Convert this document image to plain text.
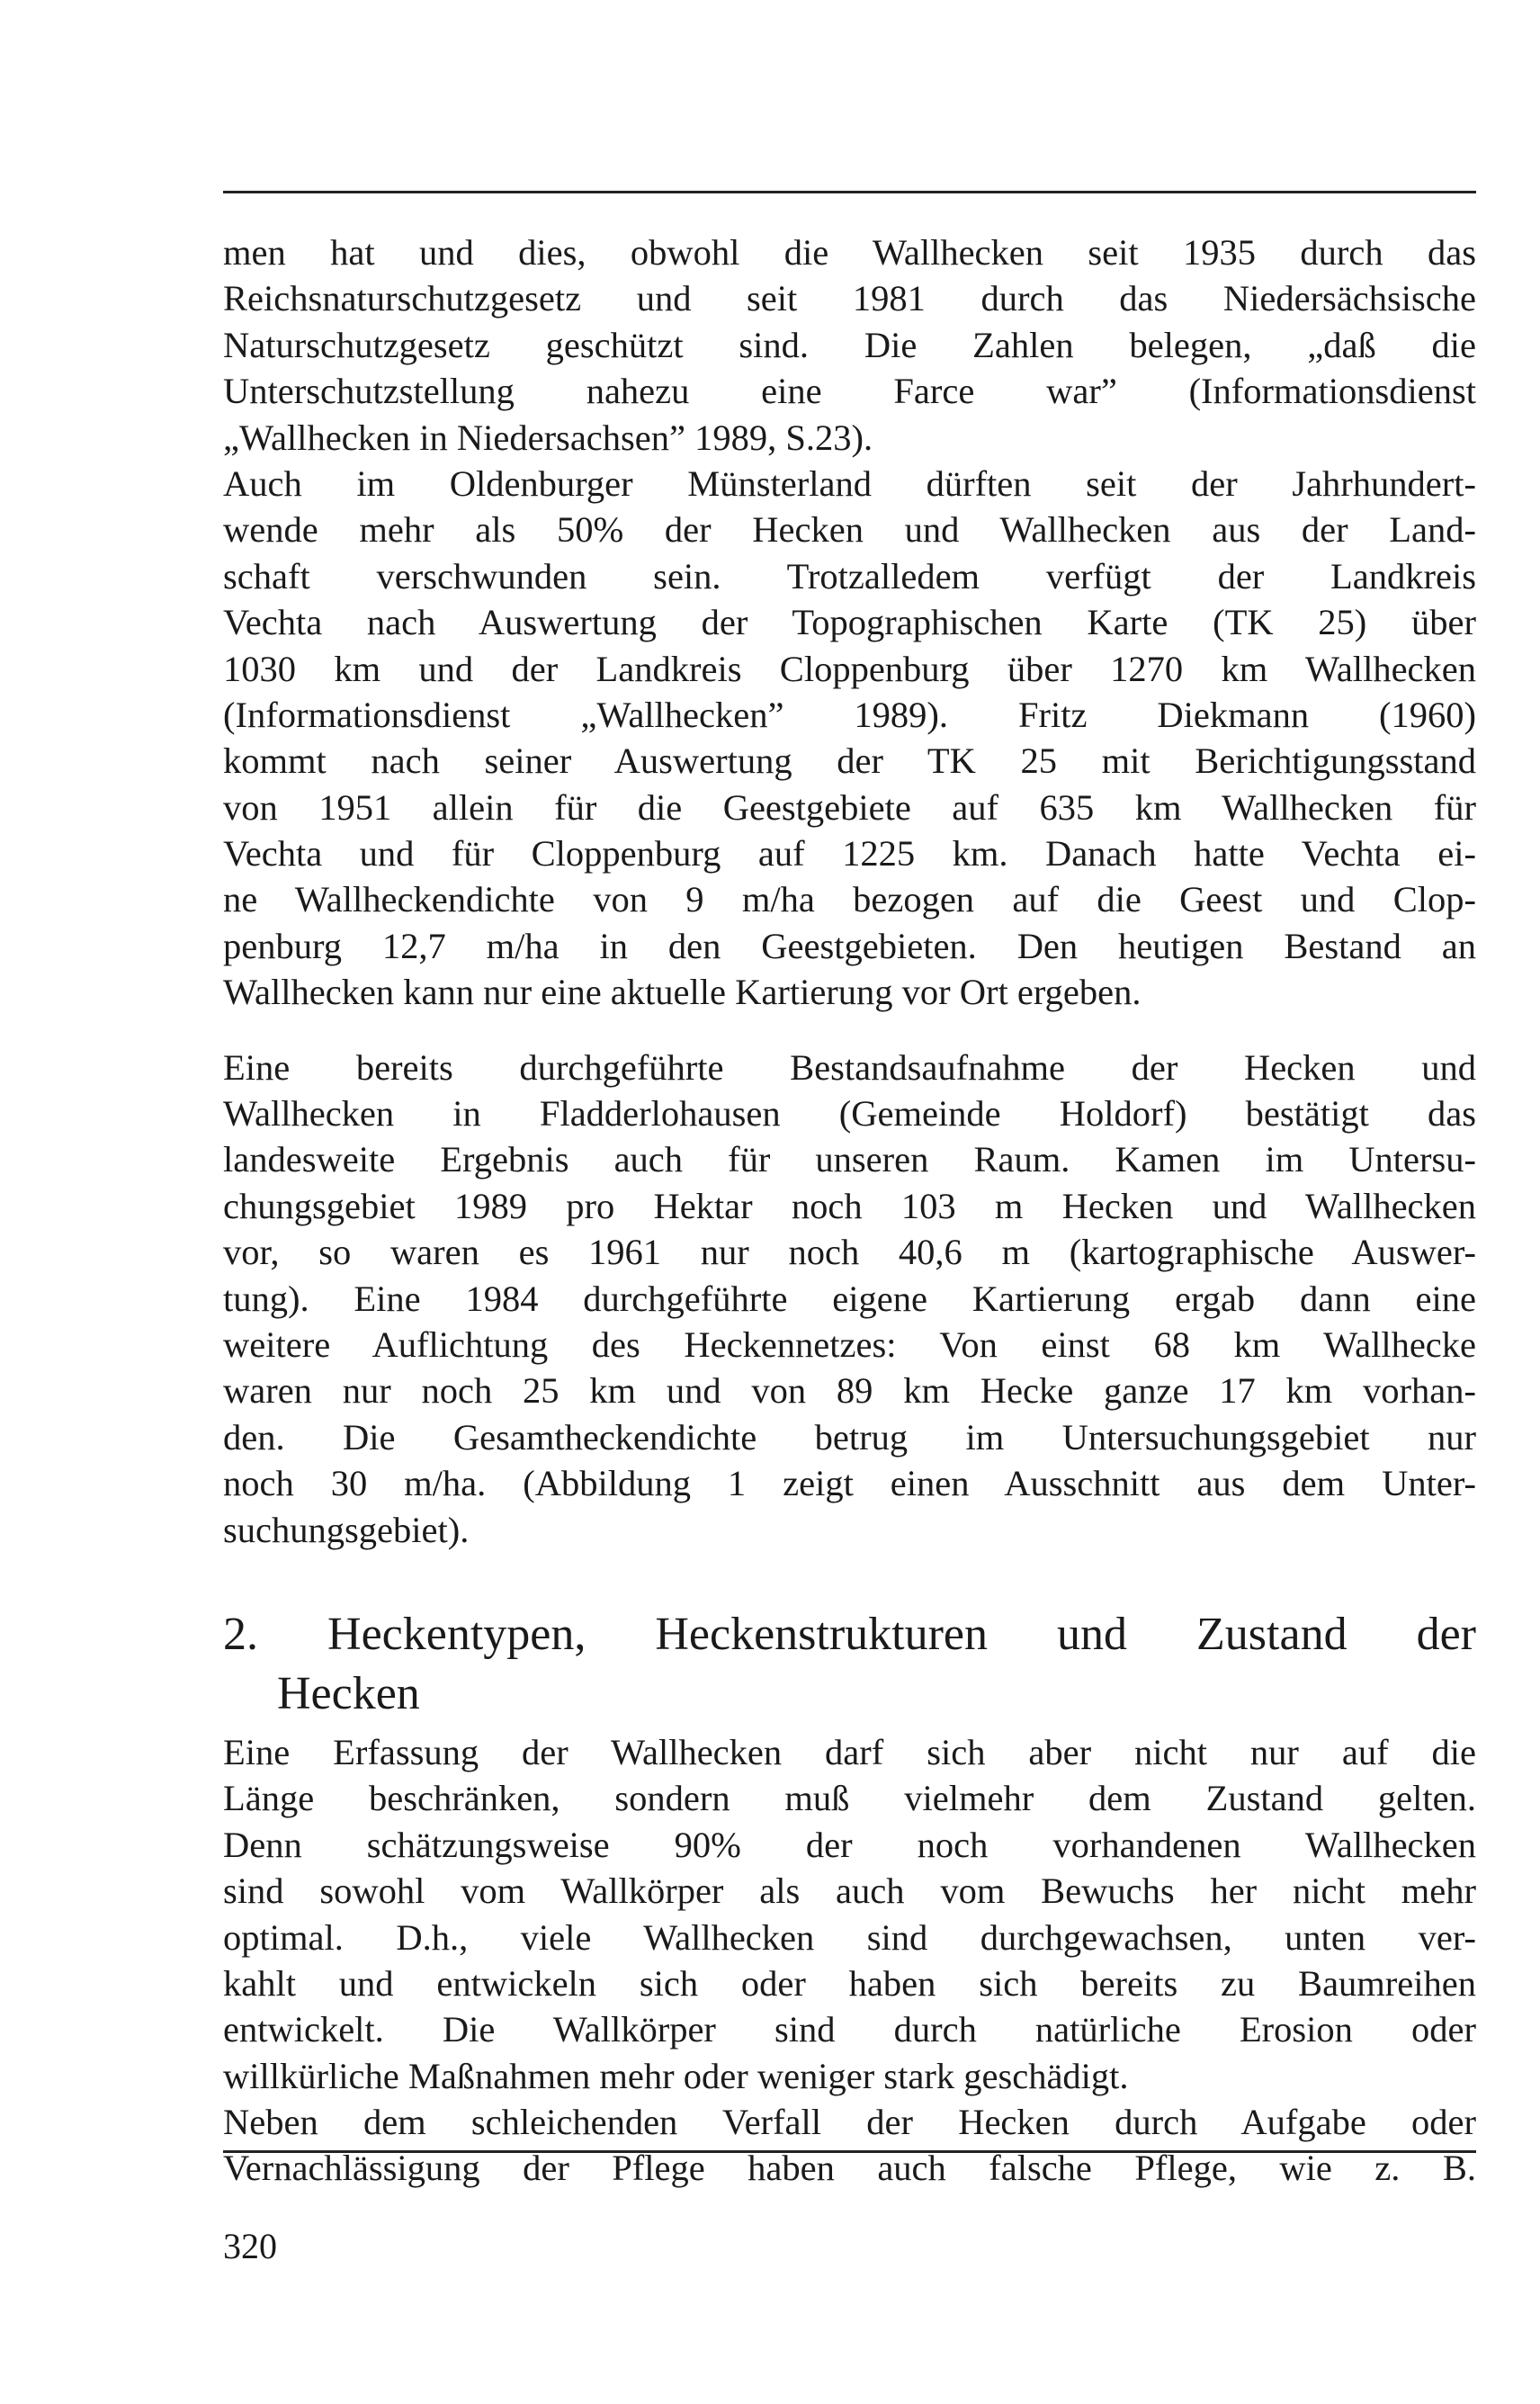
men hat und dies, obwohl die Wallhecken seit 1935 durch das
Reichsnaturschutzgesetz und seit 1981 durch das Niedersächsische
Naturschutzgesetz geschützt sind. Die Zahlen belegen, „daß die
Unterschutzstellung nahezu eine Farce war” (Informationsdienst
„Wallhecken in Niedersachsen” 1989, S.23).
Auch im Oldenburger Münsterland dürften seit der Jahrhundert-
wende mehr als 50% der Hecken und Wallhecken aus der Land-
schaft verschwunden sein. Trotzalledem verfügt der Landkreis
Vechta nach Auswertung der Topographischen Karte (TK 25) über
1030 km und der Landkreis Cloppenburg über 1270 km Wallhecken
(Informationsdienst „Wallhecken” 1989). Fritz Diekmann (1960)
kommt nach seiner Auswertung der TK 25 mit Berichtigungsstand
von 1951 allein für die Geestgebiete auf 635 km Wallhecken für
Vechta und für Cloppenburg auf 1225 km. Danach hatte Vechta ei-
ne Wallheckendichte von 9 m/ha bezogen auf die Geest und Clop-
penburg 12,7 m/ha in den Geestgebieten. Den heutigen Bestand an
Wallhecken kann nur eine aktuelle Kartierung vor Ort ergeben.
Eine bereits durchgeführte Bestandsaufnahme der Hecken und
Wallhecken in Fladderlohausen (Gemeinde Holdorf) bestätigt das
landesweite Ergebnis auch für unseren Raum. Kamen im Untersu-
chungsgebiet 1989 pro Hektar noch 103 m Hecken und Wallhecken
vor, so waren es 1961 nur noch 40,6 m (kartographische Auswer-
tung). Eine 1984 durchgeführte eigene Kartierung ergab dann eine
weitere Auflichtung des Heckennetzes: Von einst 68 km Wallhecke
waren nur noch 25 km und von 89 km Hecke ganze 17 km vorhan-
den. Die Gesamtheckendichte betrug im Untersuchungsgebiet nur
noch 30 m/ha. (Abbildung 1 zeigt einen Ausschnitt aus dem Unter-
suchungsgebiet).
2. Heckentypen, Heckenstrukturen und Zustand der
Hecken
Eine Erfassung der Wallhecken darf sich aber nicht nur auf die
Länge beschränken, sondern muß vielmehr dem Zustand gelten.
Denn schätzungsweise 90% der noch vorhandenen Wallhecken
sind sowohl vom Wallkörper als auch vom Bewuchs her nicht mehr
optimal. D.h., viele Wallhecken sind durchgewachsen, unten ver-
kahlt und entwickeln sich oder haben sich bereits zu Baumreihen
entwickelt. Die Wallkörper sind durch natürliche Erosion oder
willkürliche Maßnahmen mehr oder weniger stark geschädigt.
Neben dem schleichenden Verfall der Hecken durch Aufgabe oder
Vernachlässigung der Pflege haben auch falsche Pflege, wie z. B.
320
